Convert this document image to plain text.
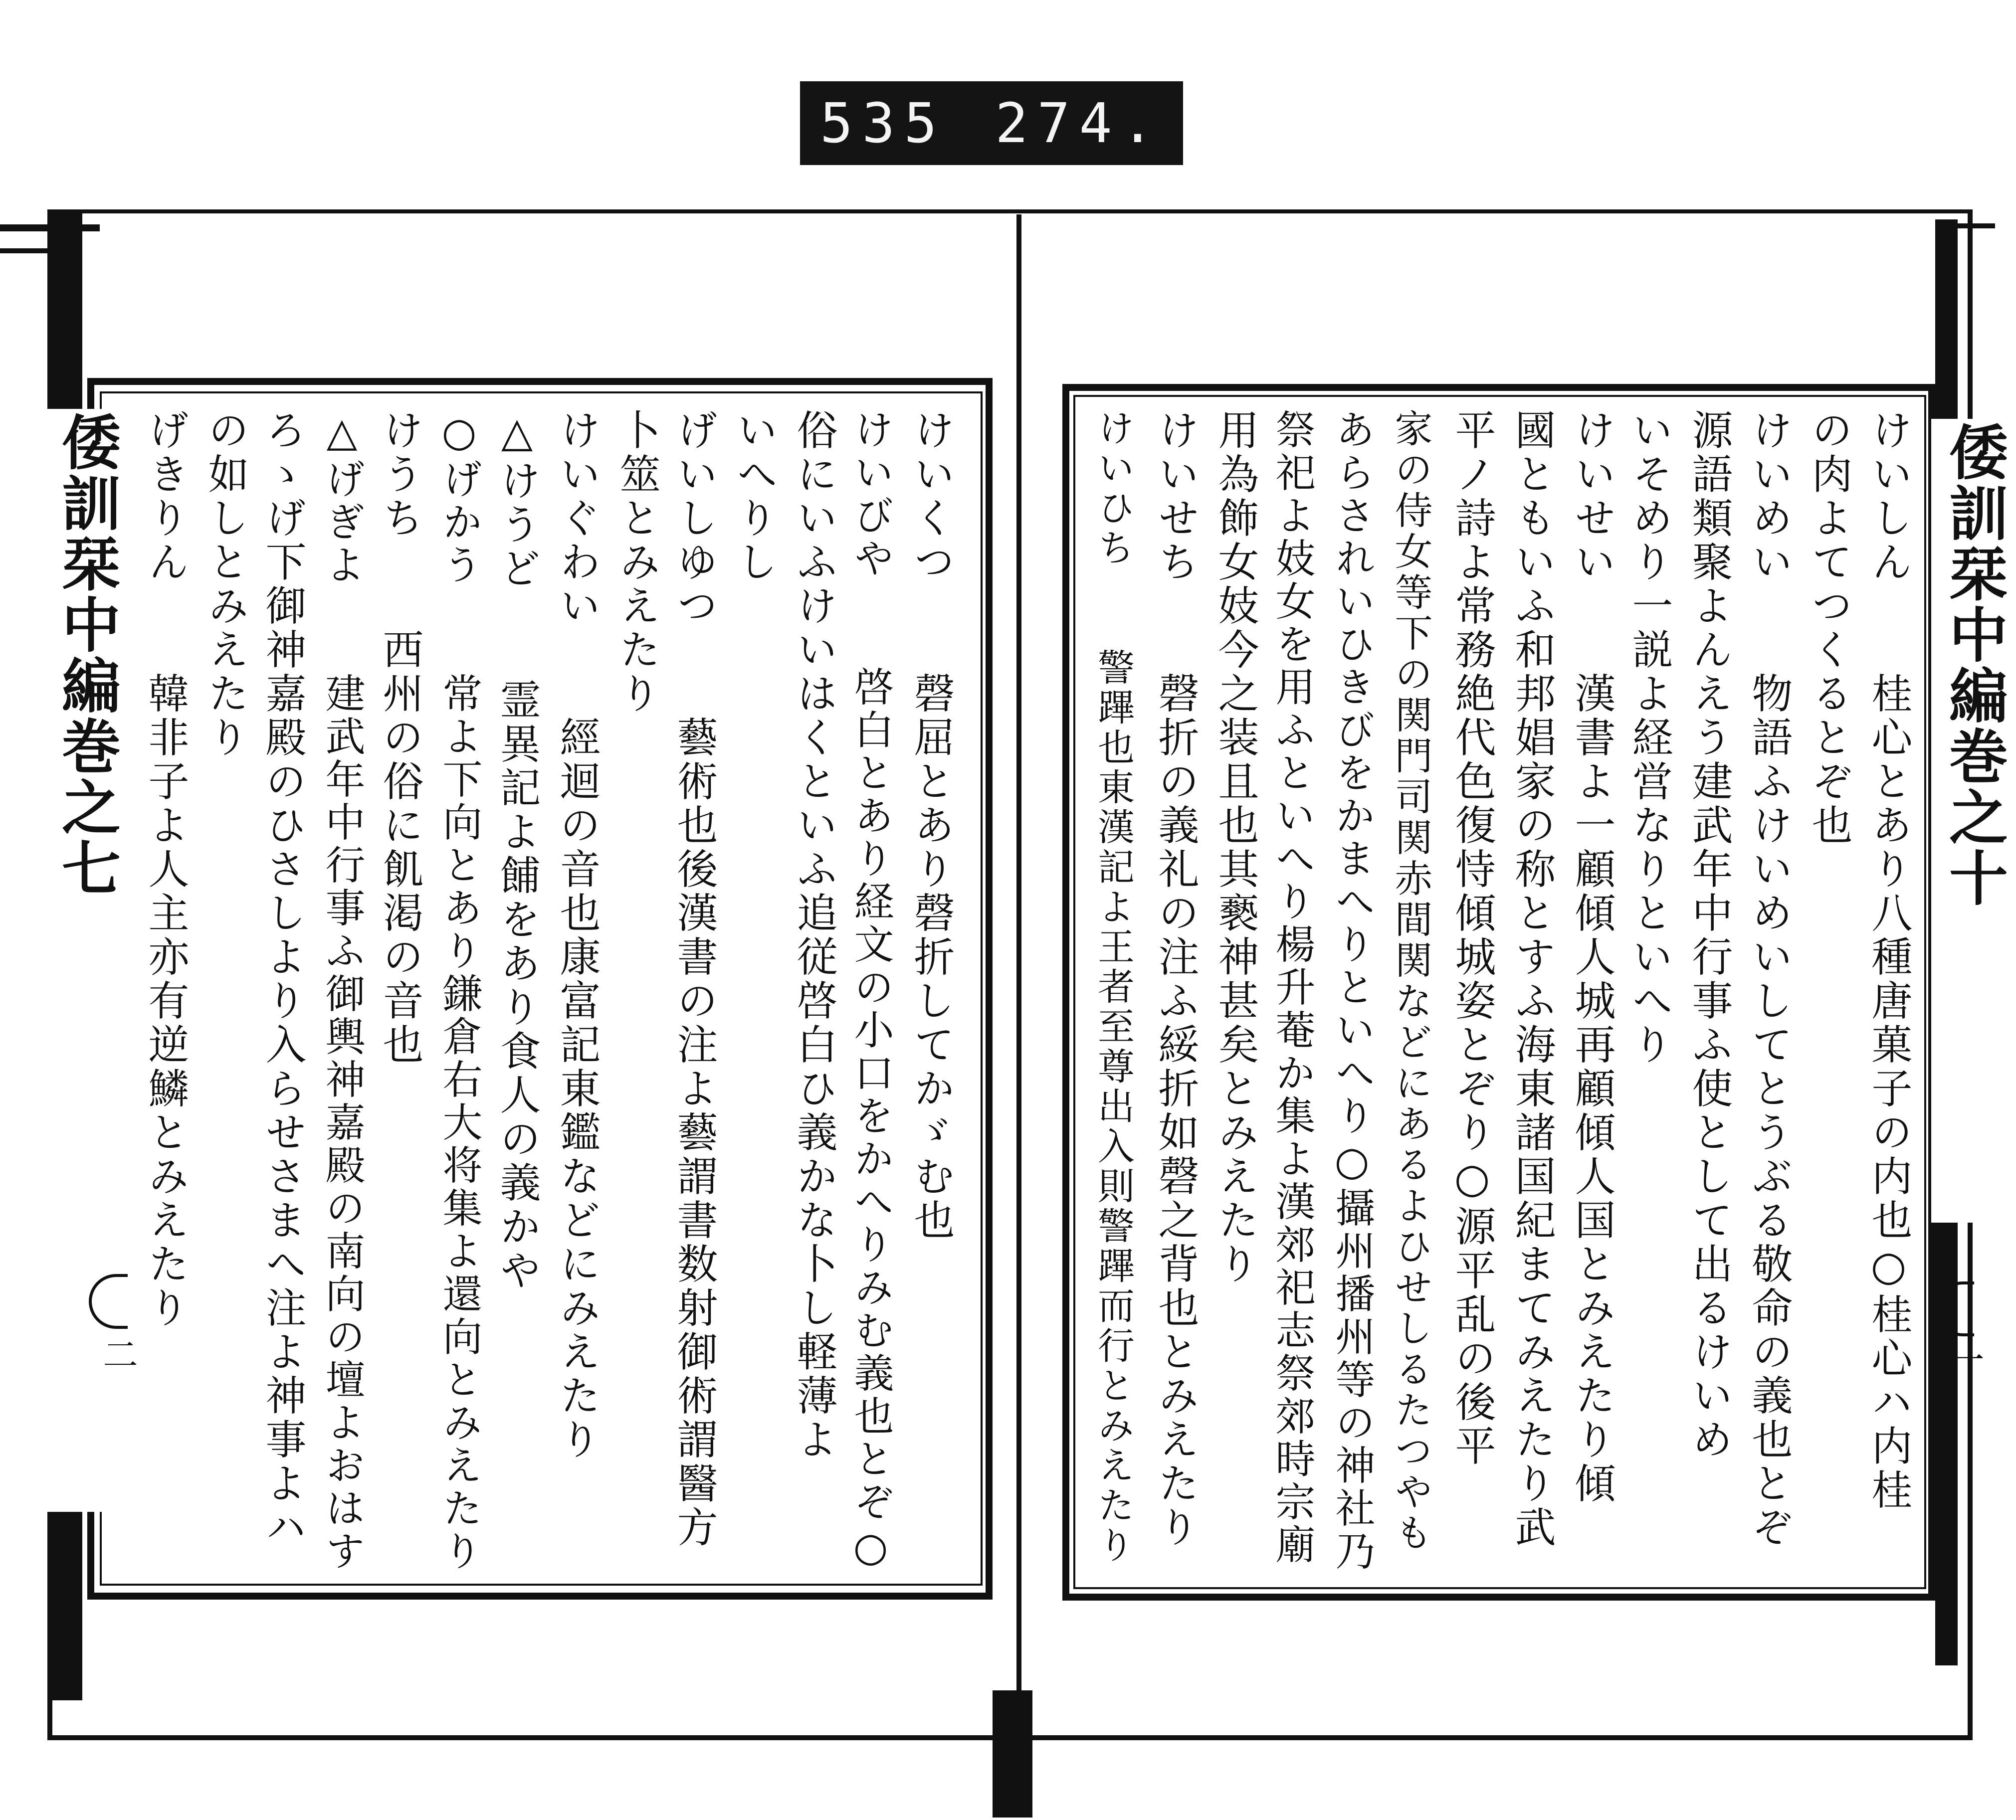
535 274.
倭訓栞中編巻之七
二
倭訓栞中編巻之十
一
けいしん　　桂心とあり八種唐菓子の内也○桂心ハ内桂
の肉よてつくるとぞ也
けいめい　　物語ふけいめいしてとうぶる敬命の義也とぞ
源語類聚よんえう建武年中行事ふ使として出るけいめ
いそめり一説よ経営なりといへり
けいせい　　漢書よ一顧傾人城再顧傾人国とみえたり傾
國ともいふ和邦娼家の称とすふ海東諸国紀まてみえたり武
平ノ詩よ常務絶代色復恃傾城姿とぞり○源平乱の後平
家の侍女等下の関門司関赤間関などにあるよひせしるたつやも
あらされいひきびをかまへりといへり○攝州播州等の神社乃
祭祀よ妓女を用ふといへり楊升菴か集よ漢郊祀志祭郊時宗廟
用為飾女妓今之装且也其褻神甚矣とみえたり
けいせち　　磬折の義礼の注ふ綏折如磬之背也とみえたり
けいひち　　警蹕也東漢記よ王者至尊出入則警蹕而行とみえたり
けいくつ　　磬屈とあり磬折してかゞむ也
けいびや　　啓白とあり経文の小口をかへりみむ義也とぞ○
俗にいふけいはくといふ追従啓白ひ義かな卜し軽薄よ
いへりし
げいしゆつ　　藝術也後漢書の注よ藝謂書数射御術謂醫方
卜筮とみえたり
けいぐわい　　經迴の音也康富記東鑑などにみえたり
△けうど　　霊異記よ餔をあり食人の義かや
○げかう　　常よ下向とあり鎌倉右大将集よ還向とみえたり
けうち　　西州の俗に飢渇の音也
△げぎよ　　建武年中行事ふ御輿神嘉殿の南向の壇よおはす
ろゝげ下御神嘉殿のひさしより入らせさまへ注よ神事よハ
の如しとみえたり
げきりん　　韓非子よ人主亦有逆鱗とみえたり
